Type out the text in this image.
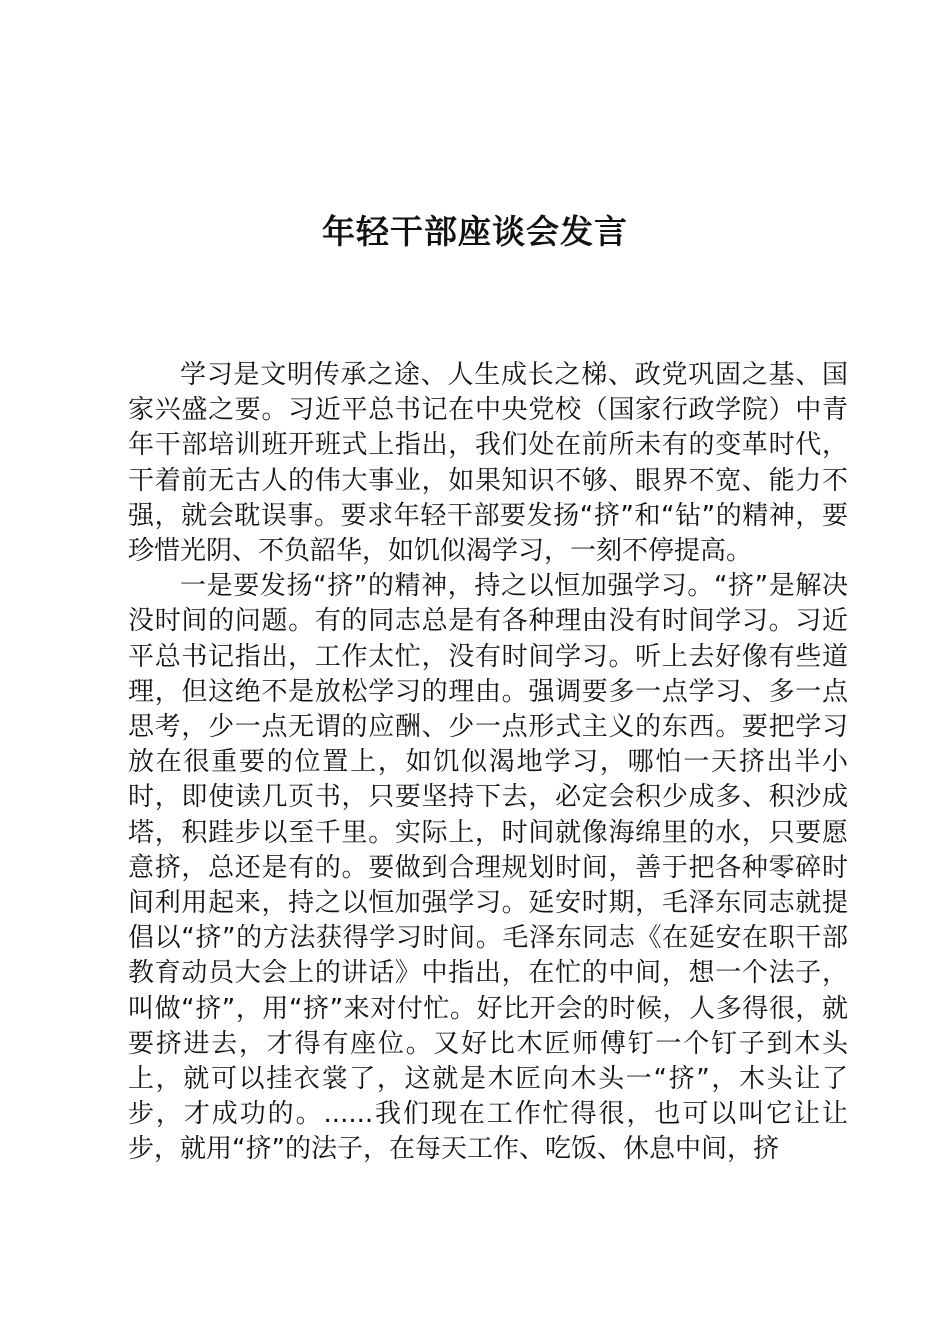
年轻干部座谈会发言

学习是文明传承之途、人生成长之梯、政党巩固之基、国家兴盛之要。习近平总书记在中央党校（国家行政学院）中青年干部培训班开班式上指出，我们处在前所未有的变革时代，干着前无古人的伟大事业，如果知识不够、眼界不宽、能力不强，就会耽误事。要求年轻干部要发扬“挤”和“钻”的精神，要珍惜光阴、不负韶华，如饥似渴学习，一刻不停提高。

一是要发扬“挤”的精神，持之以恒加强学习。“挤”是解决没时间的问题。有的同志总是有各种理由没有时间学习。习近平总书记指出，工作太忙，没有时间学习。听上去好像有些道理，但这绝不是放松学习的理由。强调要多一点学习、多一点思考，少一点无谓的应酬、少一点形式主义的东西。要把学习放在很重要的位置上，如饥似渴地学习，哪怕一天挤出半小时，即使读几页书，只要坚持下去，必定会积少成多、积沙成塔，积跬步以至千里。实际上，时间就像海绵里的水，只要愿意挤，总还是有的。要做到合理规划时间，善于把各种零碎时间利用起来，持之以恒加强学习。延安时期，毛泽东同志就提倡以“挤”的方法获得学习时间。毛泽东同志《在延安在职干部教育动员大会上的讲话》中指出，在忙的中间，想一个法子，叫做“挤”，用“挤”来对付忙。好比开会的时候，人多得很，就要挤进去，才得有座位。又好比木匠师傅钉一个钉子到木头上，就可以挂衣裳了，这就是木匠向木头一“挤”，木头让了步，才成功的。......我们现在工作忙得很，也可以叫它让让步，就用“挤”的法子，在每天工作、吃饭、休息中间，挤
